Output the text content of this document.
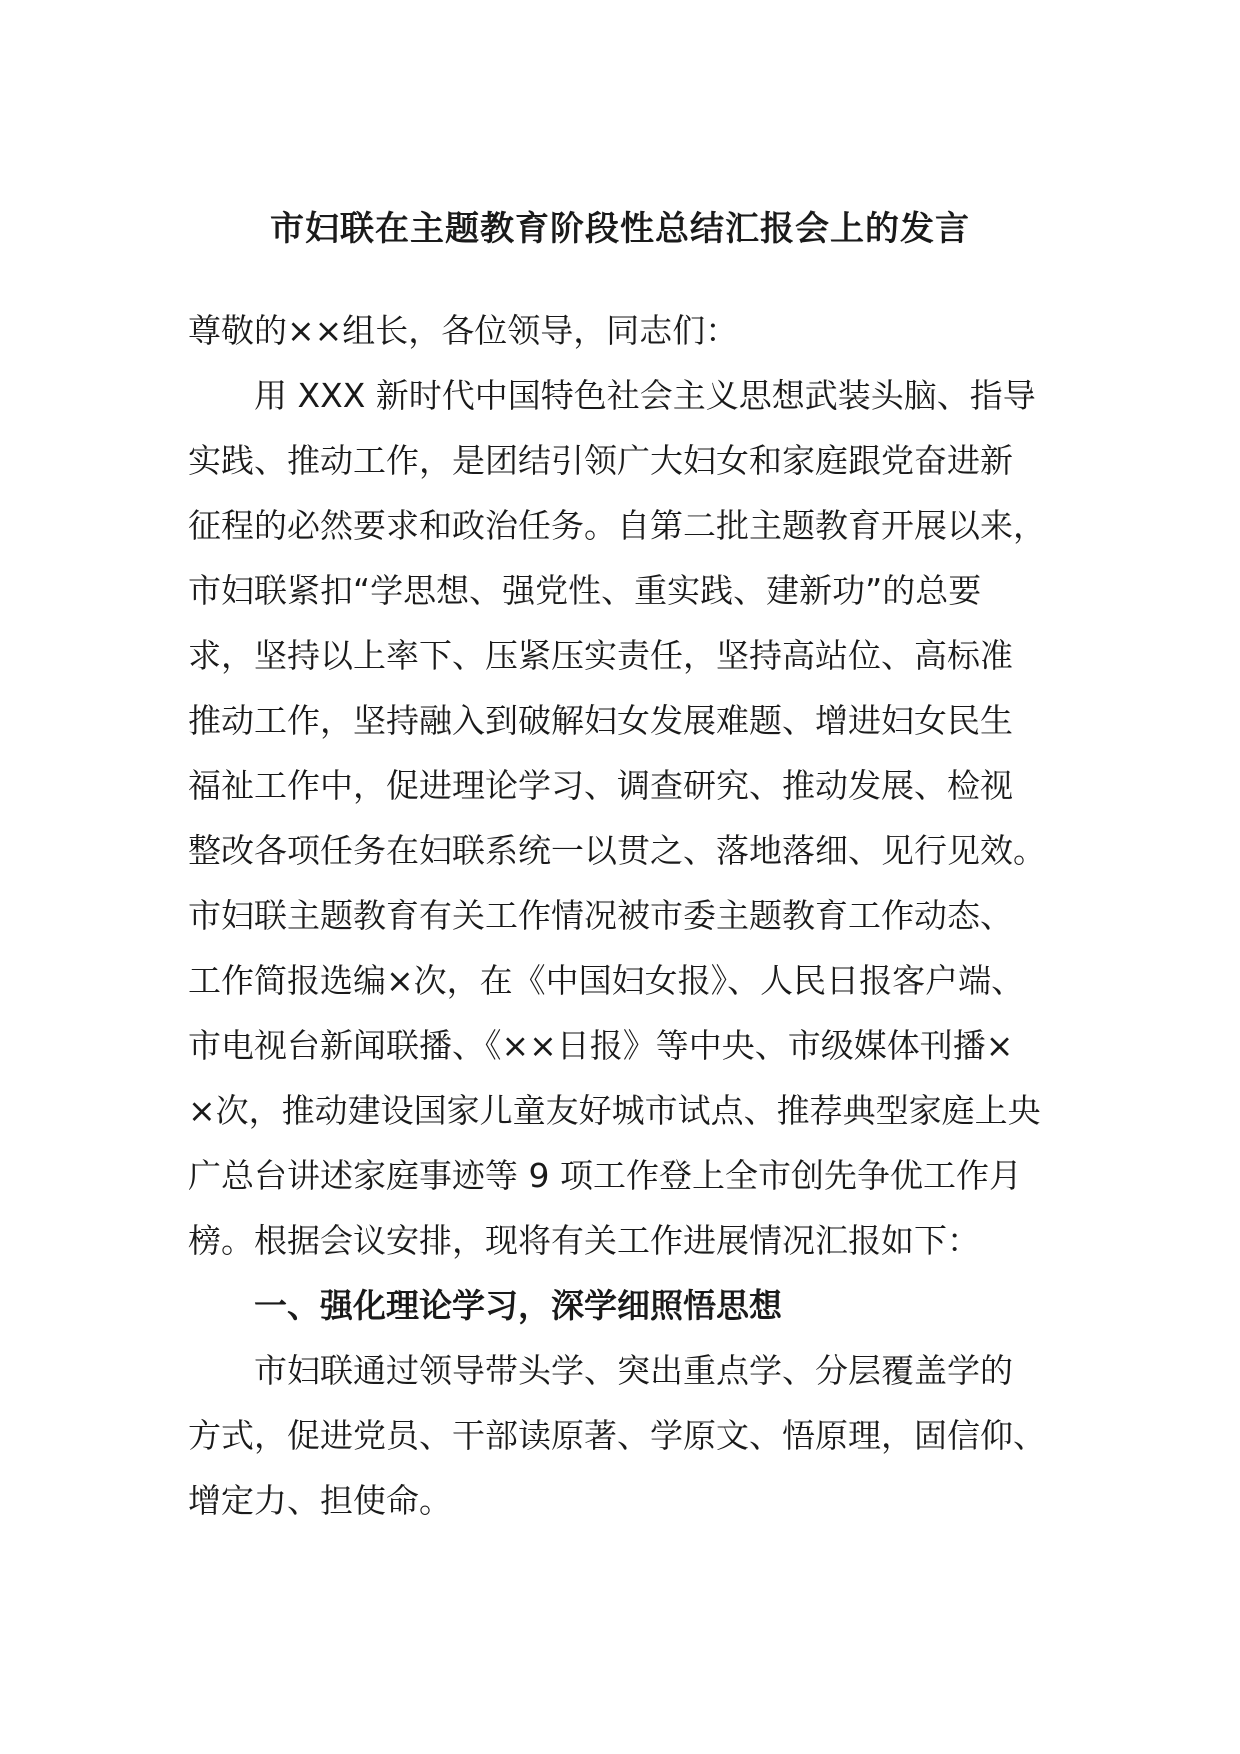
市妇联在主题教育阶段性总结汇报会上的发言
尊敬的××组长，各位领导，同志们：
用 XXX 新时代中国特色社会主义思想武装头脑、指导
实践、推动工作，是团结引领广大妇女和家庭跟党奋进新
征程的必然要求和政治任务。自第二批主题教育开展以来，
市妇联紧扣“学思想、强党性、重实践、建新功”的总要
求，坚持以上率下、压紧压实责任，坚持高站位、高标准
推动工作，坚持融入到破解妇女发展难题、增进妇女民生
福祉工作中，促进理论学习、调查研究、推动发展、检视
整改各项任务在妇联系统一以贯之、落地落细、见行见效。
市妇联主题教育有关工作情况被市委主题教育工作动态、
工作简报选编×次，在《中国妇女报》、人民日报客户端、
市电视台新闻联播、《××日报》等中央、市级媒体刊播×
×次，推动建设国家儿童友好城市试点、推荐典型家庭上央
广总台讲述家庭事迹等 9 项工作登上全市创先争优工作月
榜。根据会议安排，现将有关工作进展情况汇报如下：
一、强化理论学习，深学细照悟思想
市妇联通过领导带头学、突出重点学、分层覆盖学的
方式，促进党员、干部读原著、学原文、悟原理，固信仰、
增定力、担使命。
